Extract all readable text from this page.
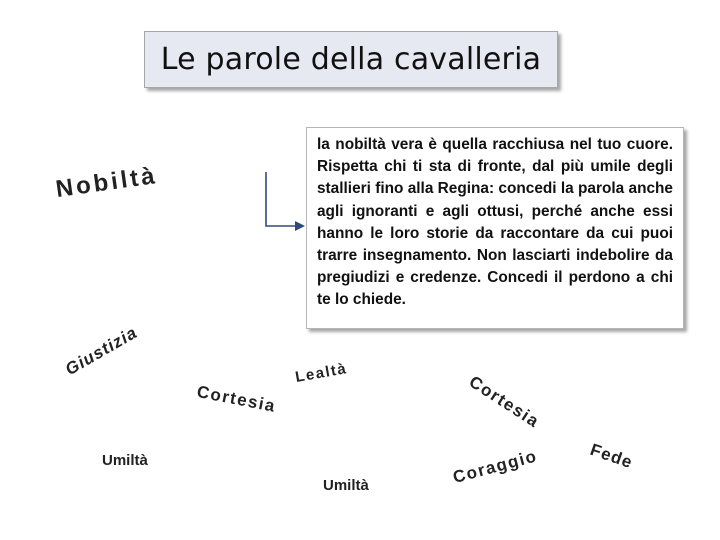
Le parole della cavalleria
la nobiltà vera è quella racchiusa nel tuo cuore. Rispetta chi ti sta di fronte, dal più umile degli stallieri fino alla Regina: concedi la parola anche agli ignoranti e agli ottusi, perché anche essi hanno le loro storie da raccontare da cui puoi trarre insegnamento. Non lasciarti indebolire da pregiudizi e credenze. Concedi il perdono a chi te lo chiede.
Nobiltà
Giustizia
Cortesia
Lealtà	Cortesia
Umiltà
Umiltà	Coraggio	Fede
